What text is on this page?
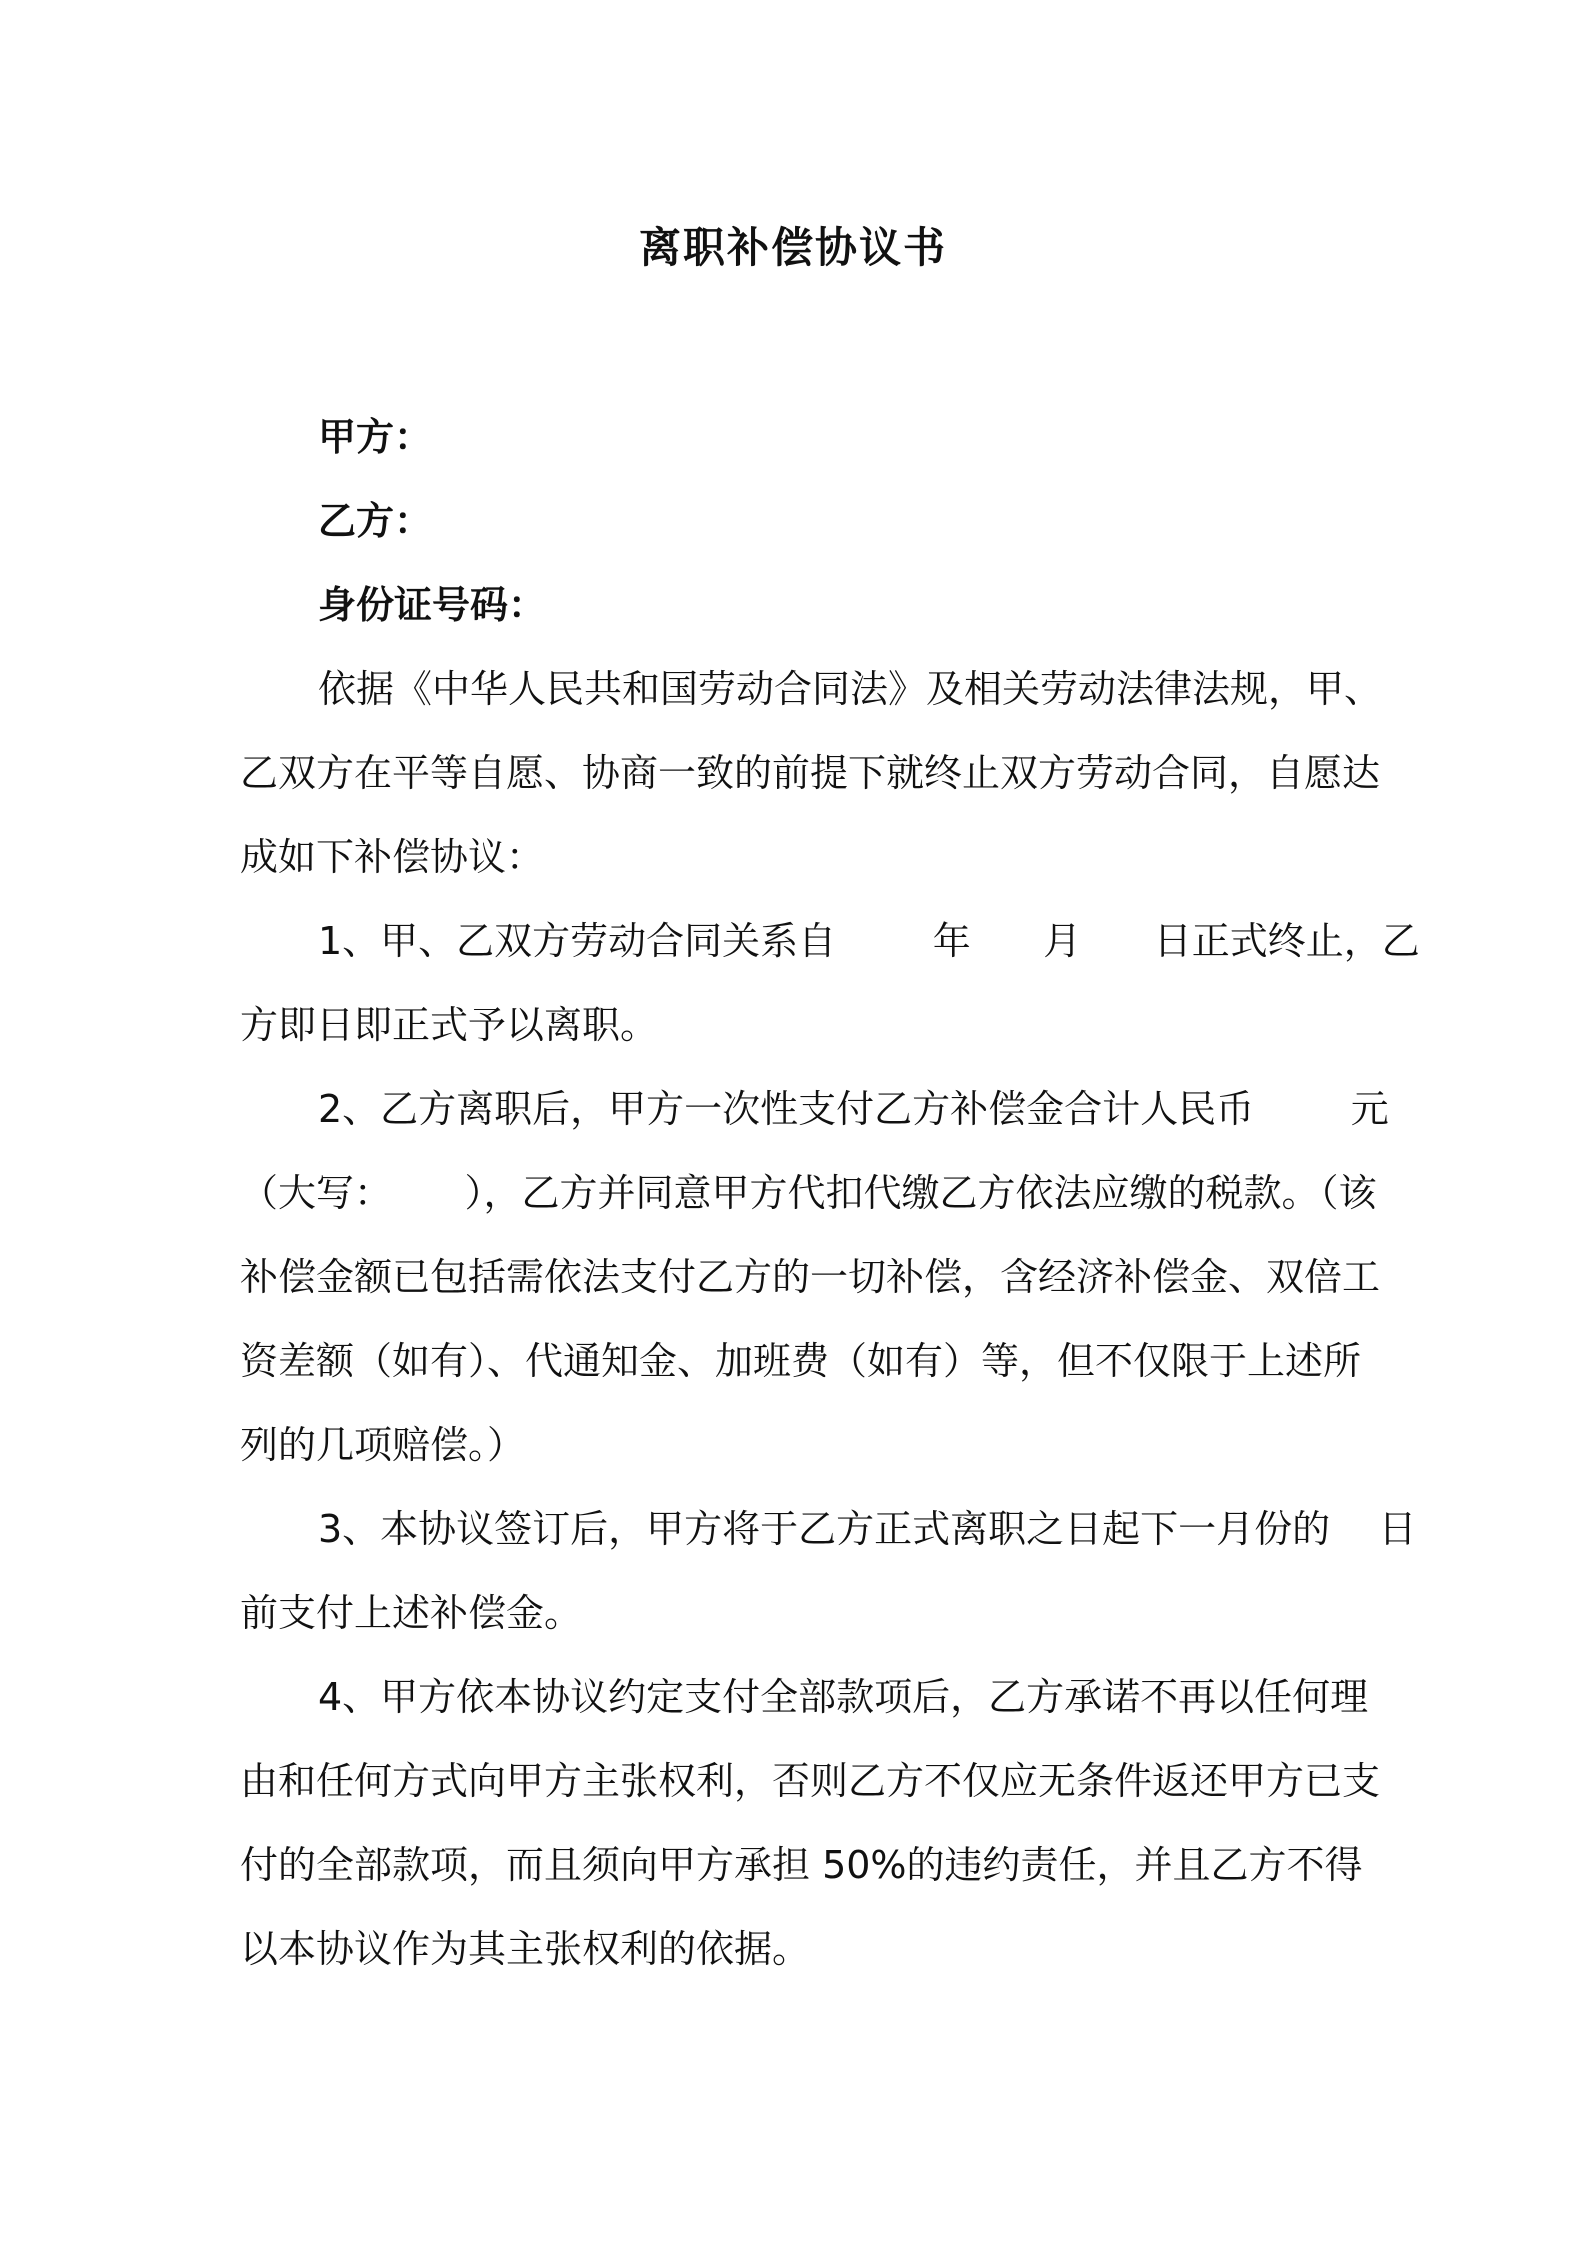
离职补偿协议书
甲方：
乙方：
身份证号码：
依据《中华人民共和国劳动合同法》及相关劳动法律法规，甲、
乙双方在平等自愿、协商一致的前提下就终止双方劳动合同，自愿达
成如下补偿协议：
1、甲、乙双方劳动合同关系自        年      月      日正式终止，乙
方即日即正式予以离职。
2、乙方离职后，甲方一次性支付乙方补偿金合计人民币        元
（大写：      ），乙方并同意甲方代扣代缴乙方依法应缴的税款。（该
补偿金额已包括需依法支付乙方的一切补偿，含经济补偿金、双倍工
资差额（如有）、代通知金、加班费（如有）等，但不仅限于上述所
列的几项赔偿。）
3、本协议签订后，甲方将于乙方正式离职之日起下一月份的    日
前支付上述补偿金。
4、甲方依本协议约定支付全部款项后，乙方承诺不再以任何理
由和任何方式向甲方主张权利，否则乙方不仅应无条件返还甲方已支
付的全部款项，而且须向甲方承担 50%的违约责任，并且乙方不得
以本协议作为其主张权利的依据。
